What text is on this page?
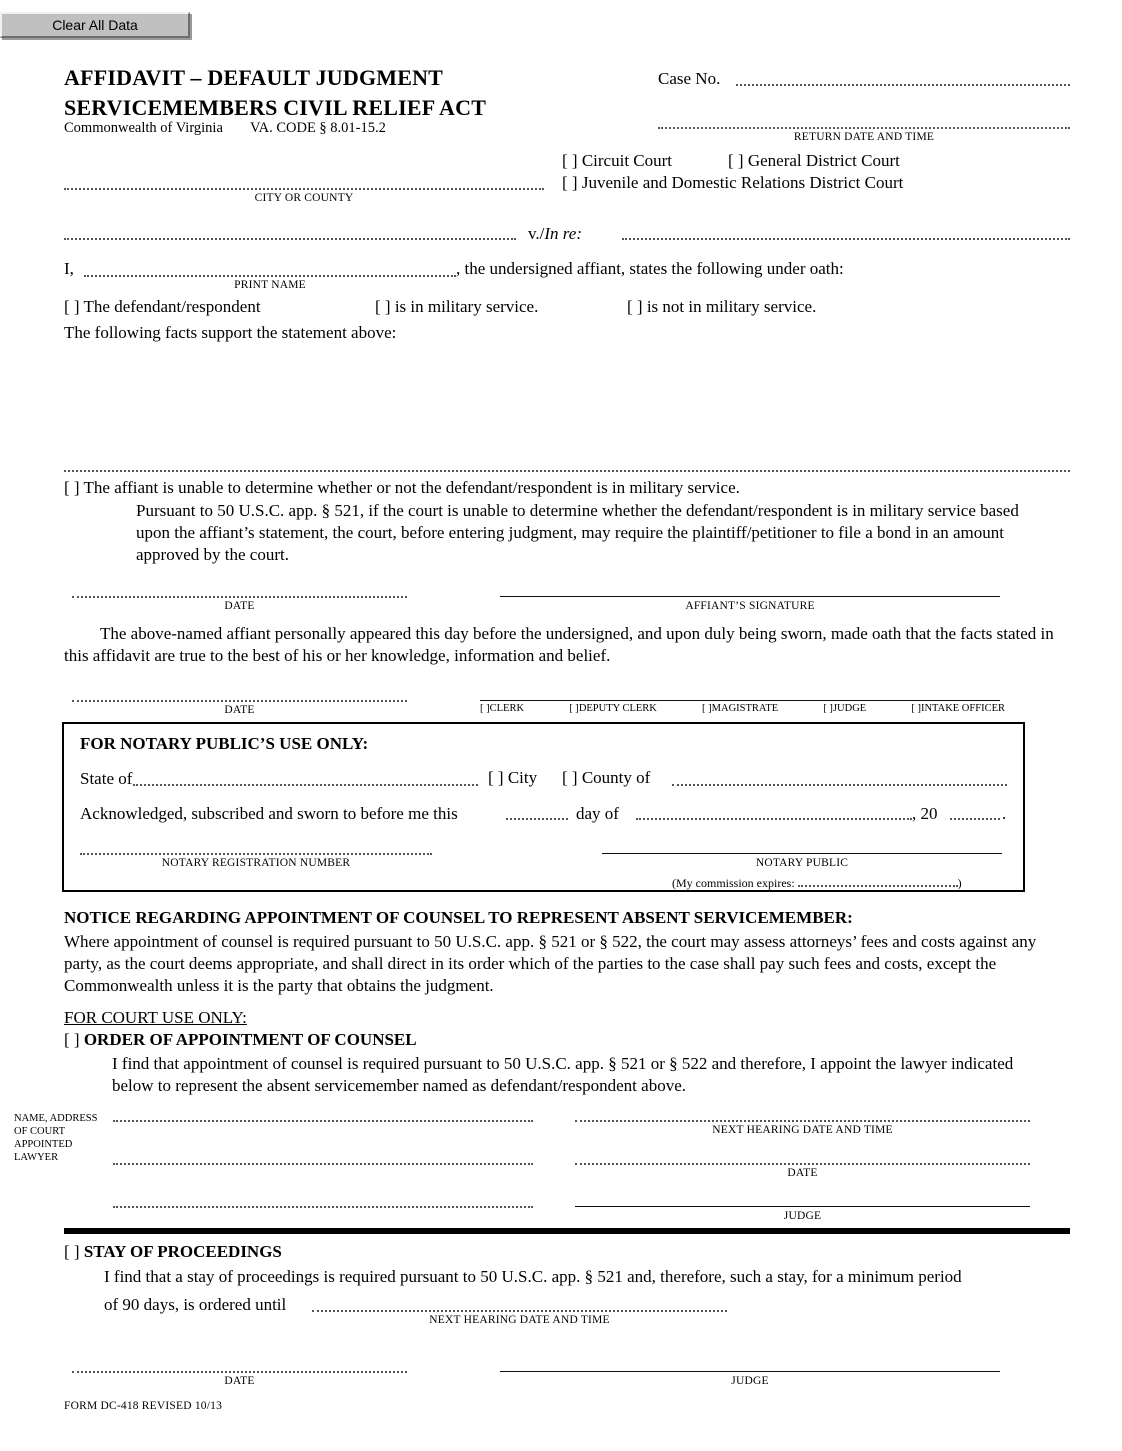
Clear All Data
AFFIDAVIT – DEFAULT JUDGMENT
SERVICEMEMBERS CIVIL RELIEF ACT
Commonwealth of Virginia VA. CODE § 8.01-15.2
Case No.
RETURN DATE AND TIME
[ ] Circuit Court	[ ] General District Court
[ ] Juvenile and Domestic Relations District Court
CITY OR COUNTY
v./In re:
I,	, the undersigned affiant, states the following under oath:
PRINT NAME
[ ] The defendant/respondent	[ ] is in military service.	[ ] is not in military service.
The following facts support the statement above:
[ ] The affiant is unable to determine whether or not the defendant/respondent is in military service.
Pursuant to 50 U.S.C. app. § 521, if the court is unable to determine whether the defendant/respondent is in military service based upon the affiant’s statement, the court, before entering judgment, may require the plaintiff/petitioner to file a bond in an amount approved by the court.
DATE	AFFIANT’S SIGNATURE
The above-named affiant personally appeared this day before the undersigned, and upon duly being sworn, made oath that the facts stated in this affidavit are true to the best of his or her knowledge, information and belief.
DATE	[ ]CLERK	[ ]DEPUTY CLERK	[ ]MAGISTRATE	[ ]JUDGE	[ ]INTAKE OFFICER
FOR NOTARY PUBLIC’S USE ONLY:
State of	[ ] City [ ] County of
Acknowledged, subscribed and sworn to before me this	day of	, 20	.
NOTARY REGISTRATION NUMBER	NOTARY PUBLIC
(My commission expires:	)
NOTICE REGARDING APPOINTMENT OF COUNSEL TO REPRESENT ABSENT SERVICEMEMBER:
Where appointment of counsel is required pursuant to 50 U.S.C. app. § 521 or § 522, the court may assess attorneys’ fees and costs against any party, as the court deems appropriate, and shall direct in its order which of the parties to the case shall pay such fees and costs, except the Commonwealth unless it is the party that obtains the judgment.
FOR COURT USE ONLY:
[ ] ORDER OF APPOINTMENT OF COUNSEL
I find that appointment of counsel is required pursuant to 50 U.S.C. app. § 521 or § 522 and therefore, I appoint the lawyer indicated below to represent the absent servicemember named as defendant/respondent above.
NAME, ADDRESS
OF COURT
APPOINTED
LAWYER
NEXT HEARING DATE AND TIME
DATE
JUDGE
[ ] STAY OF PROCEEDINGS
I find that a stay of proceedings is required pursuant to 50 U.S.C. app. § 521 and, therefore, such a stay, for a minimum period
of 90 days, is ordered until
NEXT HEARING DATE AND TIME
DATE	JUDGE
FORM DC-418 REVISED 10/13
